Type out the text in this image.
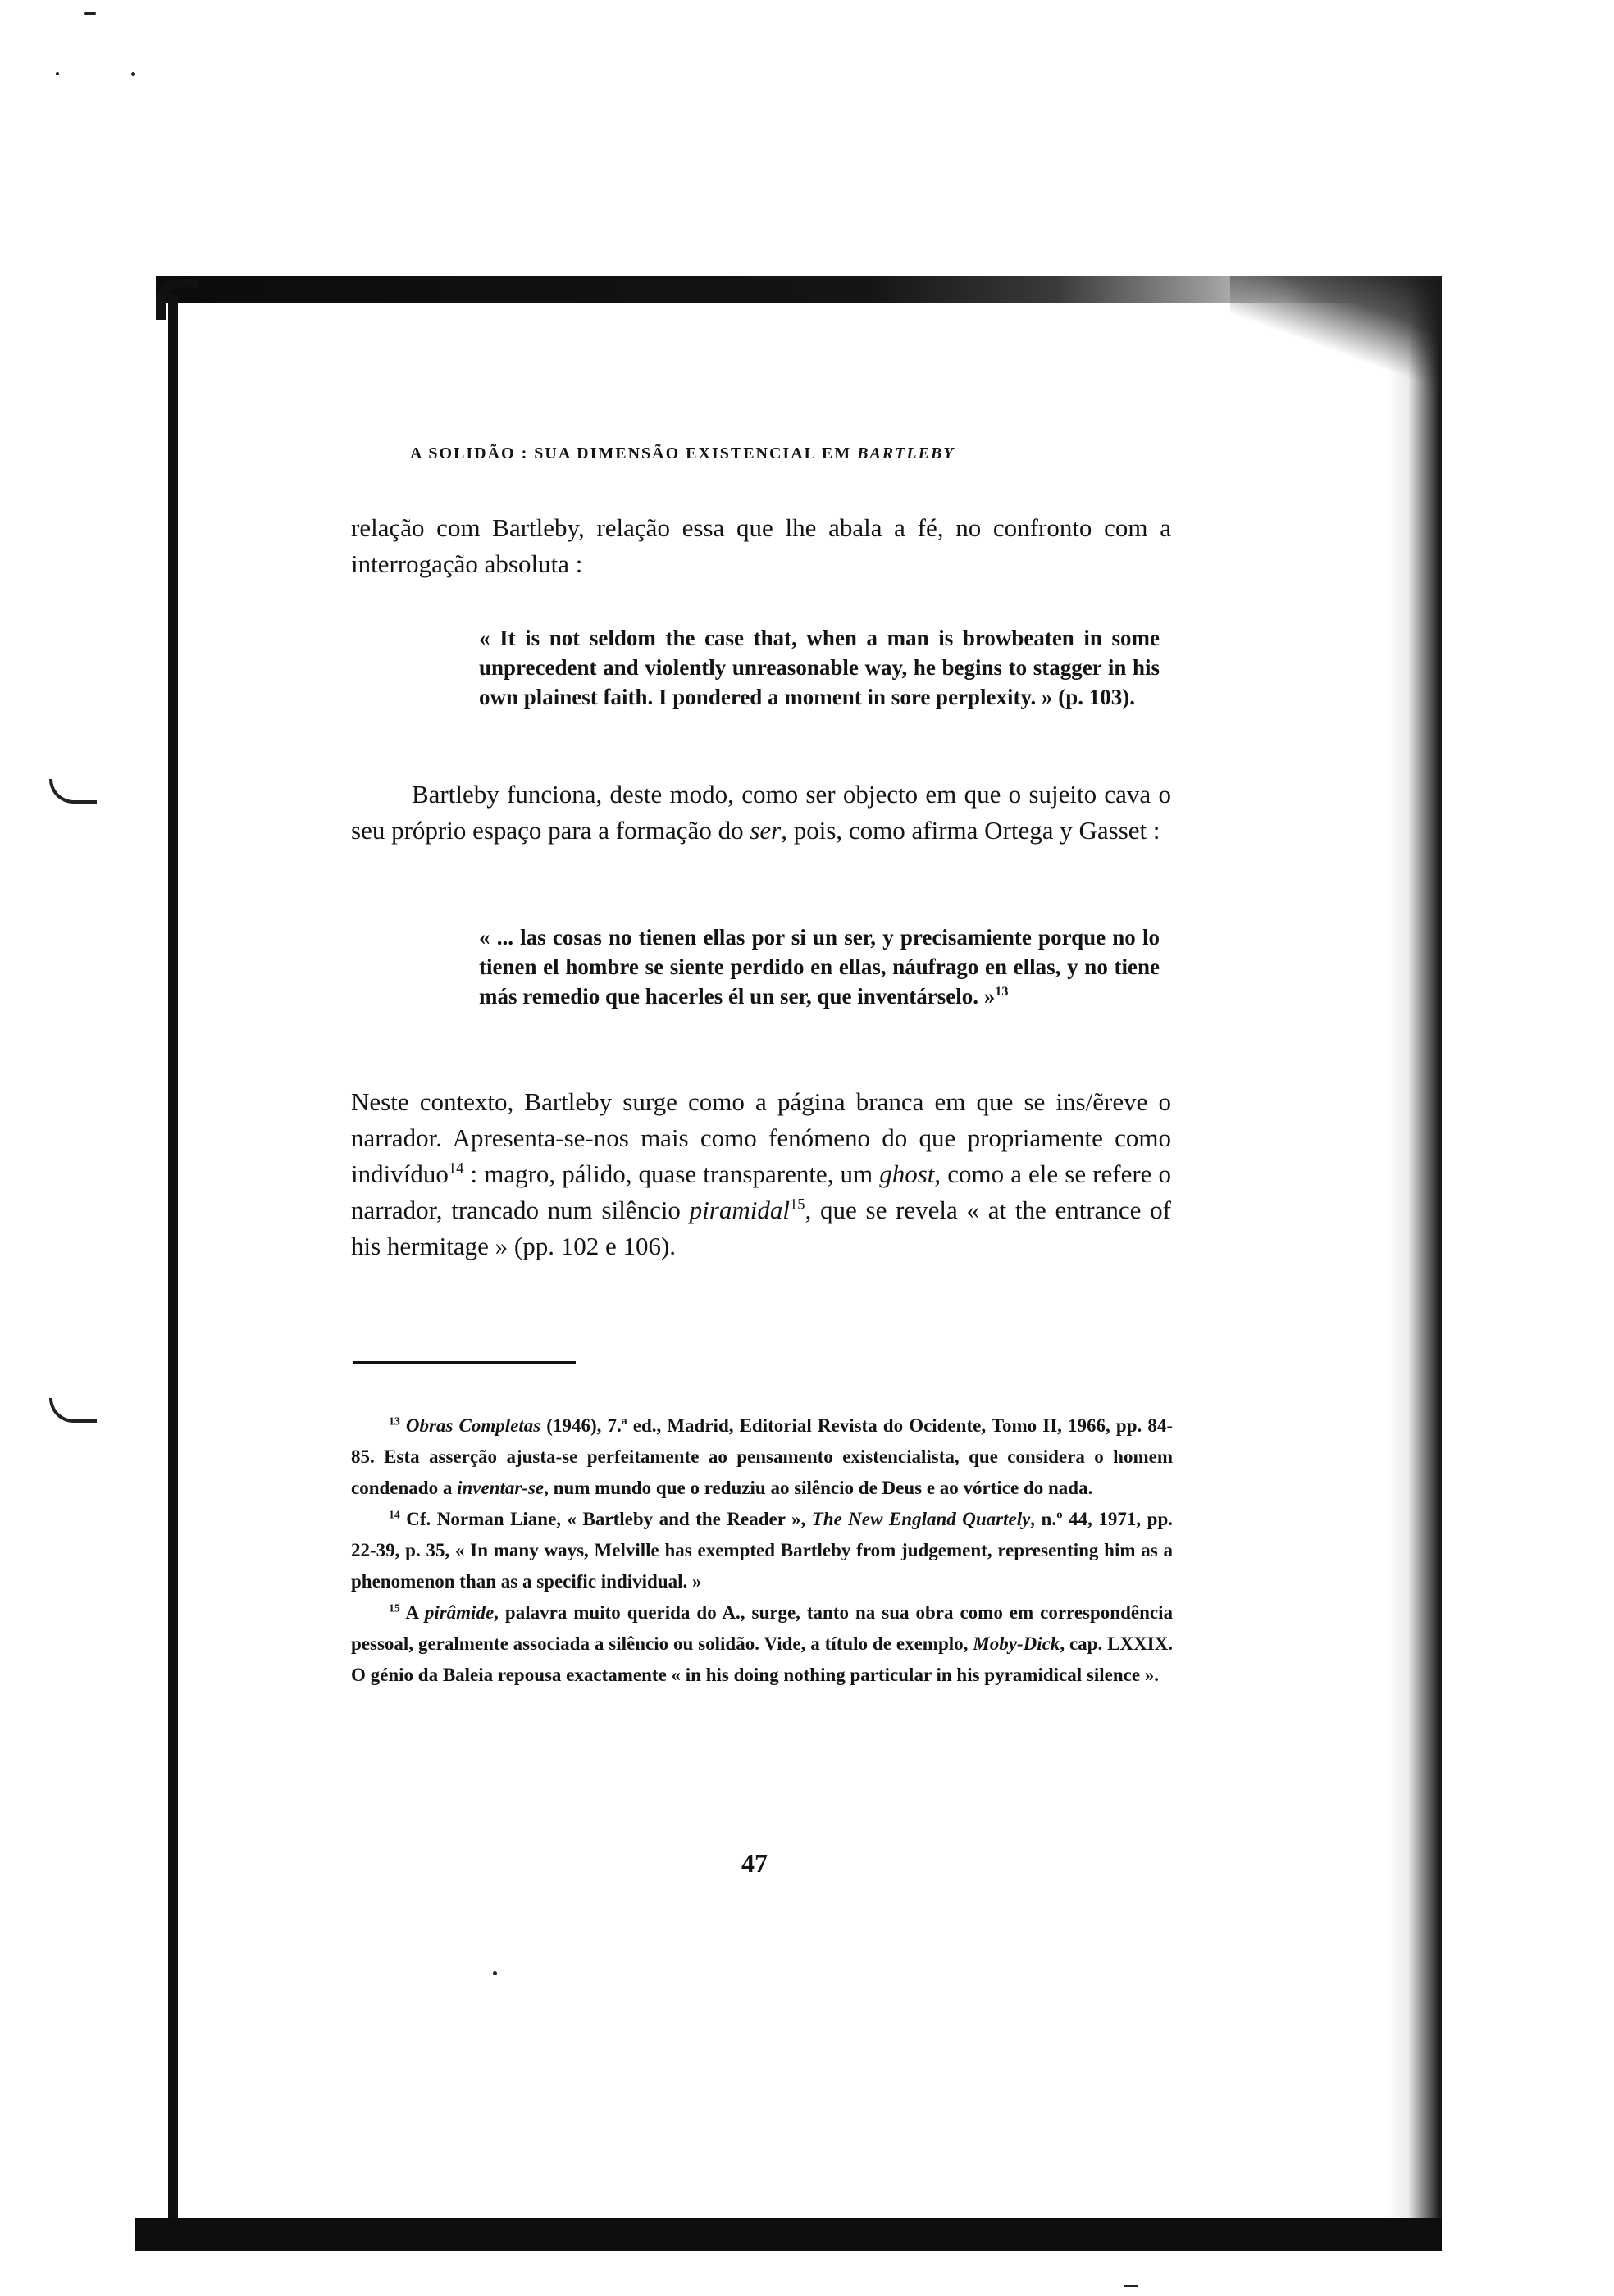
A SOLIDÃO : SUA DIMENSÃO EXISTENCIAL EM BARTLEBY
relação com Bartleby, relação essa que lhe abala a fé, no confronto com a interrogação absoluta :
« It is not seldom the case that, when a man is browbeaten in some unprecedent and violently unreasonable way, he begins to stagger in his own plainest faith. I pondered a moment in sore perplexity. » (p. 103).
Bartleby funciona, deste modo, como ser objecto em que o sujeito cava o seu próprio espaço para a formação do ser, pois, como afirma Ortega y Gasset :
« ... las cosas no tienen ellas por si un ser, y precisamiente porque no lo tienen el hombre se siente perdido en ellas, náufrago en ellas, y no tiene más remedio que hacerles él un ser, que inventárselo. »$^{13}$
Neste contexto, Bartleby surge como a página branca em que se ins/ẽreve o narrador. Apresenta-se-nos mais como fenómeno do que propriamente como indivíduo$^{14}$ : magro, pálido, quase transparente, um ghost, como a ele se refere o narrador, trancado num silêncio piramidal$^{15}$, que se revela « at the entrance of his hermitage » (pp. 102 e 106).

$^{13}$ Obras Completas (1946), 7.ª ed., Madrid, Editorial Revista do Ocidente, Tomo II, 1966, pp. 84-85. Esta asserção ajusta-se perfeitamente ao pensamento existencialista, que considera o homem condenado a inventar-se, num mundo que o reduziu ao silêncio de Deus e ao vórtice do nada.

$^{14}$ Cf. Norman Liane, « Bartleby and the Reader », The New England Quartely, n.º 44, 1971, pp. 22-39, p. 35, « In many ways, Melville has exempted Bartleby from judgement, representing him as a phenomenon than as a specific individual. »

$^{15}$ A pirâmide, palavra muito querida do A., surge, tanto na sua obra como em correspondência pessoal, geralmente associada a silêncio ou solidão. Vide, a título de exemplo, Moby-Dick, cap. LXXIX. O génio da Baleia repousa exactamente « in his doing nothing particular in his pyramidical silence ».

47
